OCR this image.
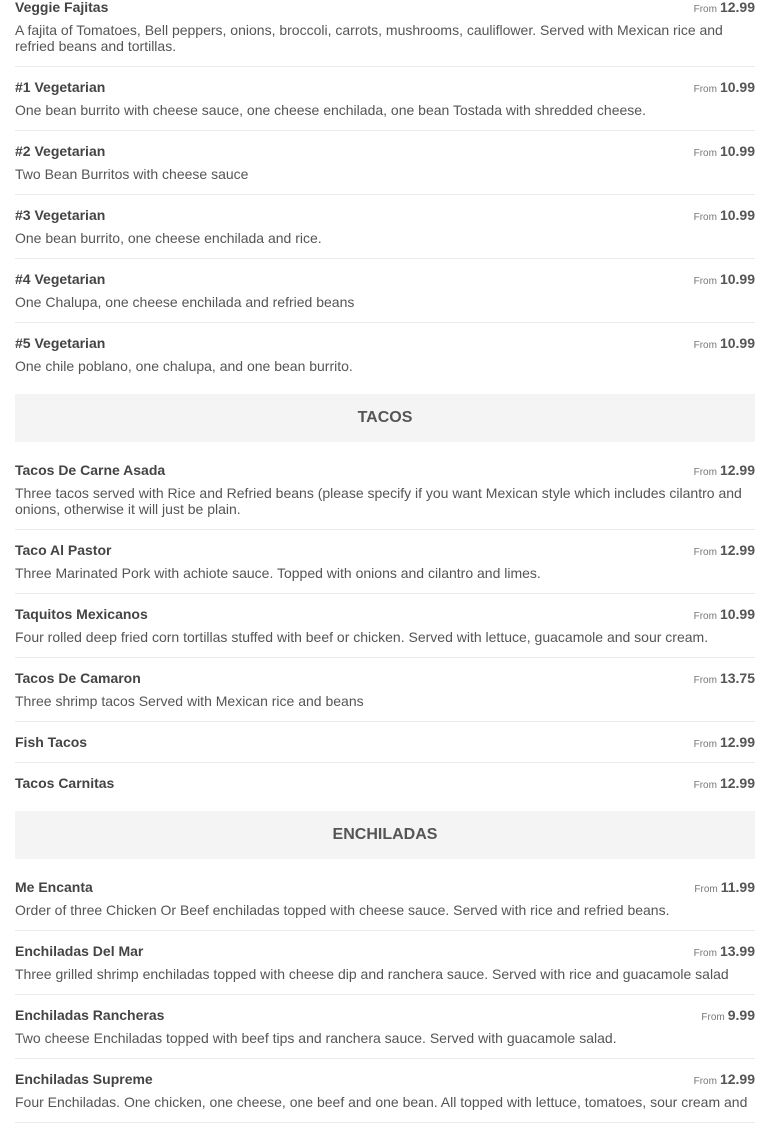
Veggie Fajitas	From 12.99
A fajita of Tomatoes, Bell peppers, onions, broccoli, carrots, mushrooms, cauliflower. Served with Mexican rice and refried beans and tortillas.
#1 Vegetarian	From 10.99
One bean burrito with cheese sauce, one cheese enchilada, one bean Tostada with shredded cheese.
#2 Vegetarian	From 10.99
Two Bean Burritos with cheese sauce
#3 Vegetarian	From 10.99
One bean burrito, one cheese enchilada and rice.
#4 Vegetarian	From 10.99
One Chalupa, one cheese enchilada and refried beans
#5 Vegetarian	From 10.99
One chile poblano, one chalupa, and one bean burrito.
TACOS
Tacos De Carne Asada	From 12.99
Three tacos served with Rice and Refried beans (please specify if you want Mexican style which includes cilantro and onions, otherwise it will just be plain.
Taco Al Pastor	From 12.99
Three Marinated Pork with achiote sauce. Topped with onions and cilantro and limes.
Taquitos Mexicanos	From 10.99
Four rolled deep fried corn tortillas stuffed with beef or chicken. Served with lettuce, guacamole and sour cream.
Tacos De Camaron	From 13.75
Three shrimp tacos Served with Mexican rice and beans
Fish Tacos	From 12.99
Tacos Carnitas	From 12.99
ENCHILADAS
Me Encanta	From 11.99
Order of three Chicken Or Beef enchiladas topped with cheese sauce. Served with rice and refried beans.
Enchiladas Del Mar	From 13.99
Three grilled shrimp enchiladas topped with cheese dip and ranchera sauce. Served with rice and guacamole salad
Enchiladas Rancheras	From 9.99
Two cheese Enchiladas topped with beef tips and ranchera sauce. Served with guacamole salad.
Enchiladas Supreme	From 12.99
Four Enchiladas. One chicken, one cheese, one beef and one bean. All topped with lettuce, tomatoes, sour cream and
